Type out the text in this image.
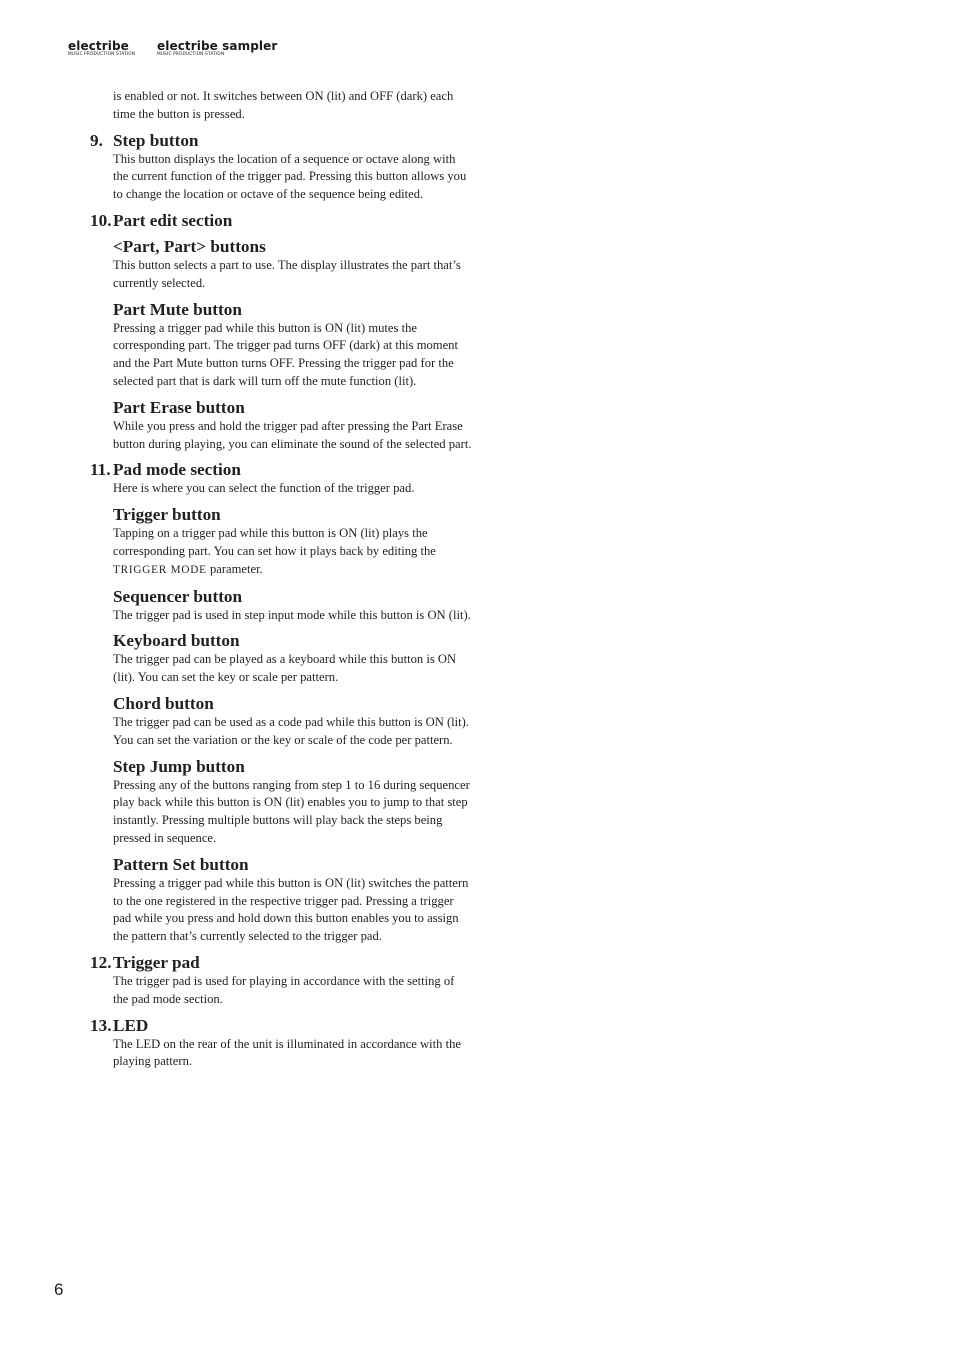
electribe
MUSIC PRODUCTION STATION
electribe sampler
MUSIC PRODUCTION STATION

is enabled or not. It switches between ON (lit) and OFF (dark) each time the button is pressed.

9. Step button

This button displays the location of a sequence or octave along with the current function of the trigger pad. Pressing this button allows you to change the location or octave of the sequence being edited.

10. Part edit section
<Part, Part> buttons

This button selects a part to use. The display illustrates the part that’s currently selected.

Part Mute button

Pressing a trigger pad while this button is ON (lit) mutes the corresponding part. The trigger pad turns OFF (dark) at this moment and the Part Mute button turns OFF. Pressing the trigger pad for the selected part that is dark will turn off the mute function (lit).

Part Erase button

While you press and hold the trigger pad after pressing the Part Erase button during playing, you can eliminate the sound of the selected part.

11. Pad mode section

Here is where you can select the function of the trigger pad.

Trigger button

Tapping on a trigger pad while this button is ON (lit) plays the corresponding part. You can set how it plays back by editing the TRIGGER MODE parameter.

Sequencer button

The trigger pad is used in step input mode while this button is ON (lit).

Keyboard button

The trigger pad can be played as a keyboard while this button is ON (lit). You can set the key or scale per pattern.

Chord button

The trigger pad can be used as a code pad while this button is ON (lit). You can set the variation or the key or scale of the code per pattern.

Step Jump button

Pressing any of the buttons ranging from step 1 to 16 during sequencer play back while this button is ON (lit) enables you to jump to that step instantly. Pressing multiple buttons will play back the steps being pressed in sequence.

Pattern Set button

Pressing a trigger pad while this button is ON (lit) switches the pattern to the one registered in the respective trigger pad. Pressing a trigger pad while you press and hold down this button enables you to assign the pattern that’s currently selected to the trigger pad.

12. Trigger pad

The trigger pad is used for playing in accordance with the setting of the pad mode section.

13. LED

The LED on the rear of the unit is illuminated in accordance with the playing pattern.

6
